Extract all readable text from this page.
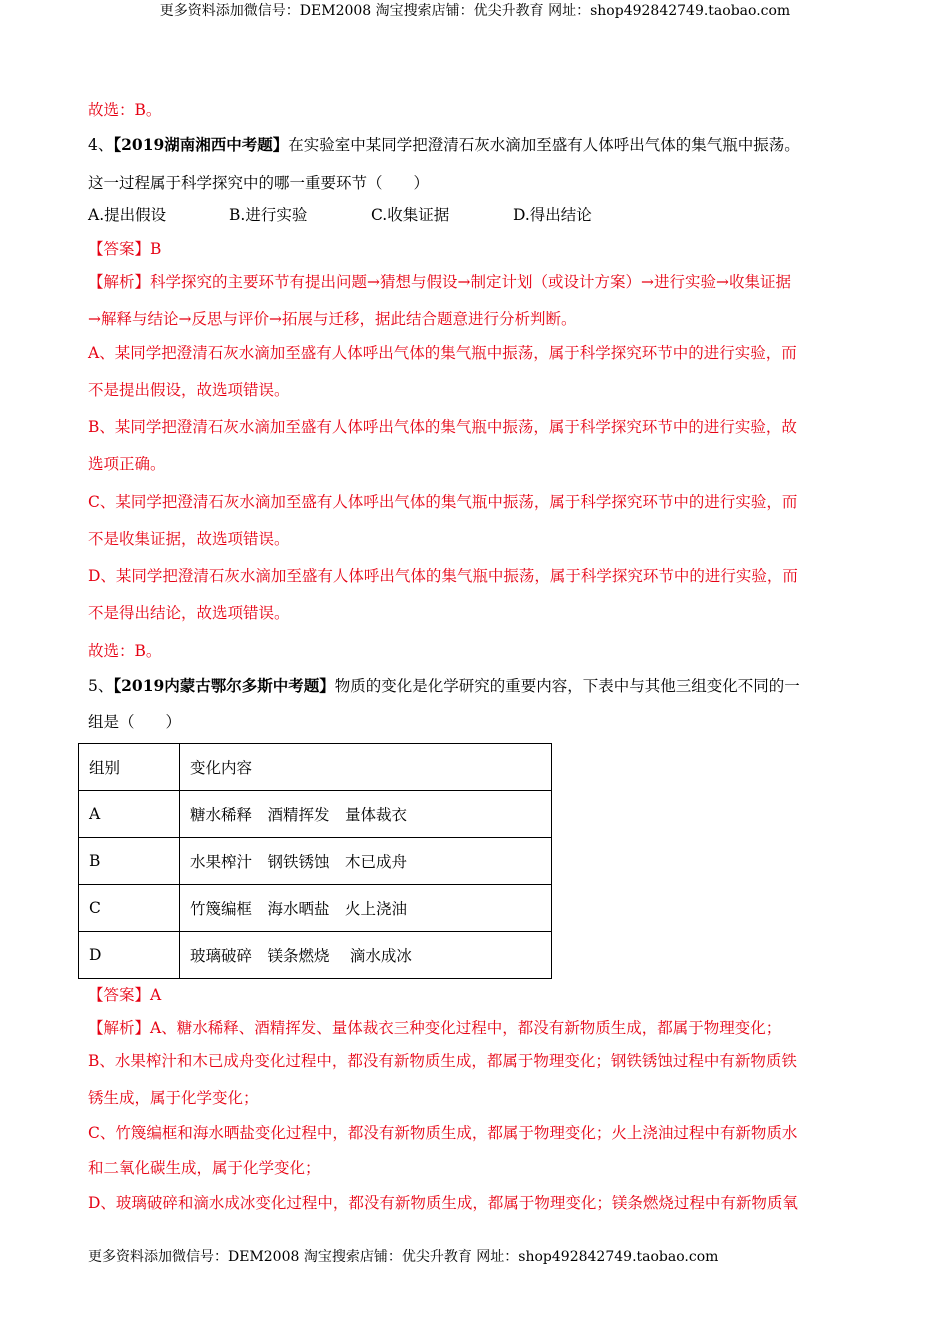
更多资料添加微信号：DEM2008 淘宝搜索店铺：优尖升教育 网址：shop492842749.taobao.com
故选：B。
4、【2019湖南湘西中考题】在实验室中某同学把澄清石灰水滴加至盛有人体呼出气体的集气瓶中振荡。
这一过程属于科学探究中的哪一重要环节（　　）
A.提出假设	B.进行实验	C.收集证据	D.得出结论
【答案】B
【解析】科学探究的主要环节有提出问题→猜想与假设→制定计划（或设计方案）→进行实验→收集证据
→解释与结论→反思与评价→拓展与迁移，据此结合题意进行分析判断。
A、某同学把澄清石灰水滴加至盛有人体呼出气体的集气瓶中振荡，属于科学探究环节中的进行实验，而
不是提出假设，故选项错误。
B、某同学把澄清石灰水滴加至盛有人体呼出气体的集气瓶中振荡，属于科学探究环节中的进行实验，故
选项正确。
C、某同学把澄清石灰水滴加至盛有人体呼出气体的集气瓶中振荡，属于科学探究环节中的进行实验，而
不是收集证据，故选项错误。
D、某同学把澄清石灰水滴加至盛有人体呼出气体的集气瓶中振荡，属于科学探究环节中的进行实验，而
不是得出结论，故选项错误。
故选：B。
5、【2019内蒙古鄂尔多斯中考题】物质的变化是化学研究的重要内容，下表中与其他三组变化不同的一
组是（　　）
组别	变化内容
A	糖水稀释　酒精挥发　量体裁衣
B	水果榨汁　钢铁锈蚀　木已成舟
C	竹篾编框　海水晒盐　火上浇油
D	玻璃破碎　镁条燃烧　 滴水成冰
【答案】A
【解析】A、糖水稀释、酒精挥发、量体裁衣三种变化过程中，都没有新物质生成，都属于物理变化；
B、水果榨汁和木已成舟变化过程中，都没有新物质生成，都属于物理变化；钢铁锈蚀过程中有新物质铁
锈生成，属于化学变化；
C、竹篾编框和海水晒盐变化过程中，都没有新物质生成，都属于物理变化；火上浇油过程中有新物质水
和二氧化碳生成，属于化学变化；
D、玻璃破碎和滴水成冰变化过程中，都没有新物质生成，都属于物理变化；镁条燃烧过程中有新物质氧
更多资料添加微信号：DEM2008 淘宝搜索店铺：优尖升教育 网址：shop492842749.taobao.com
